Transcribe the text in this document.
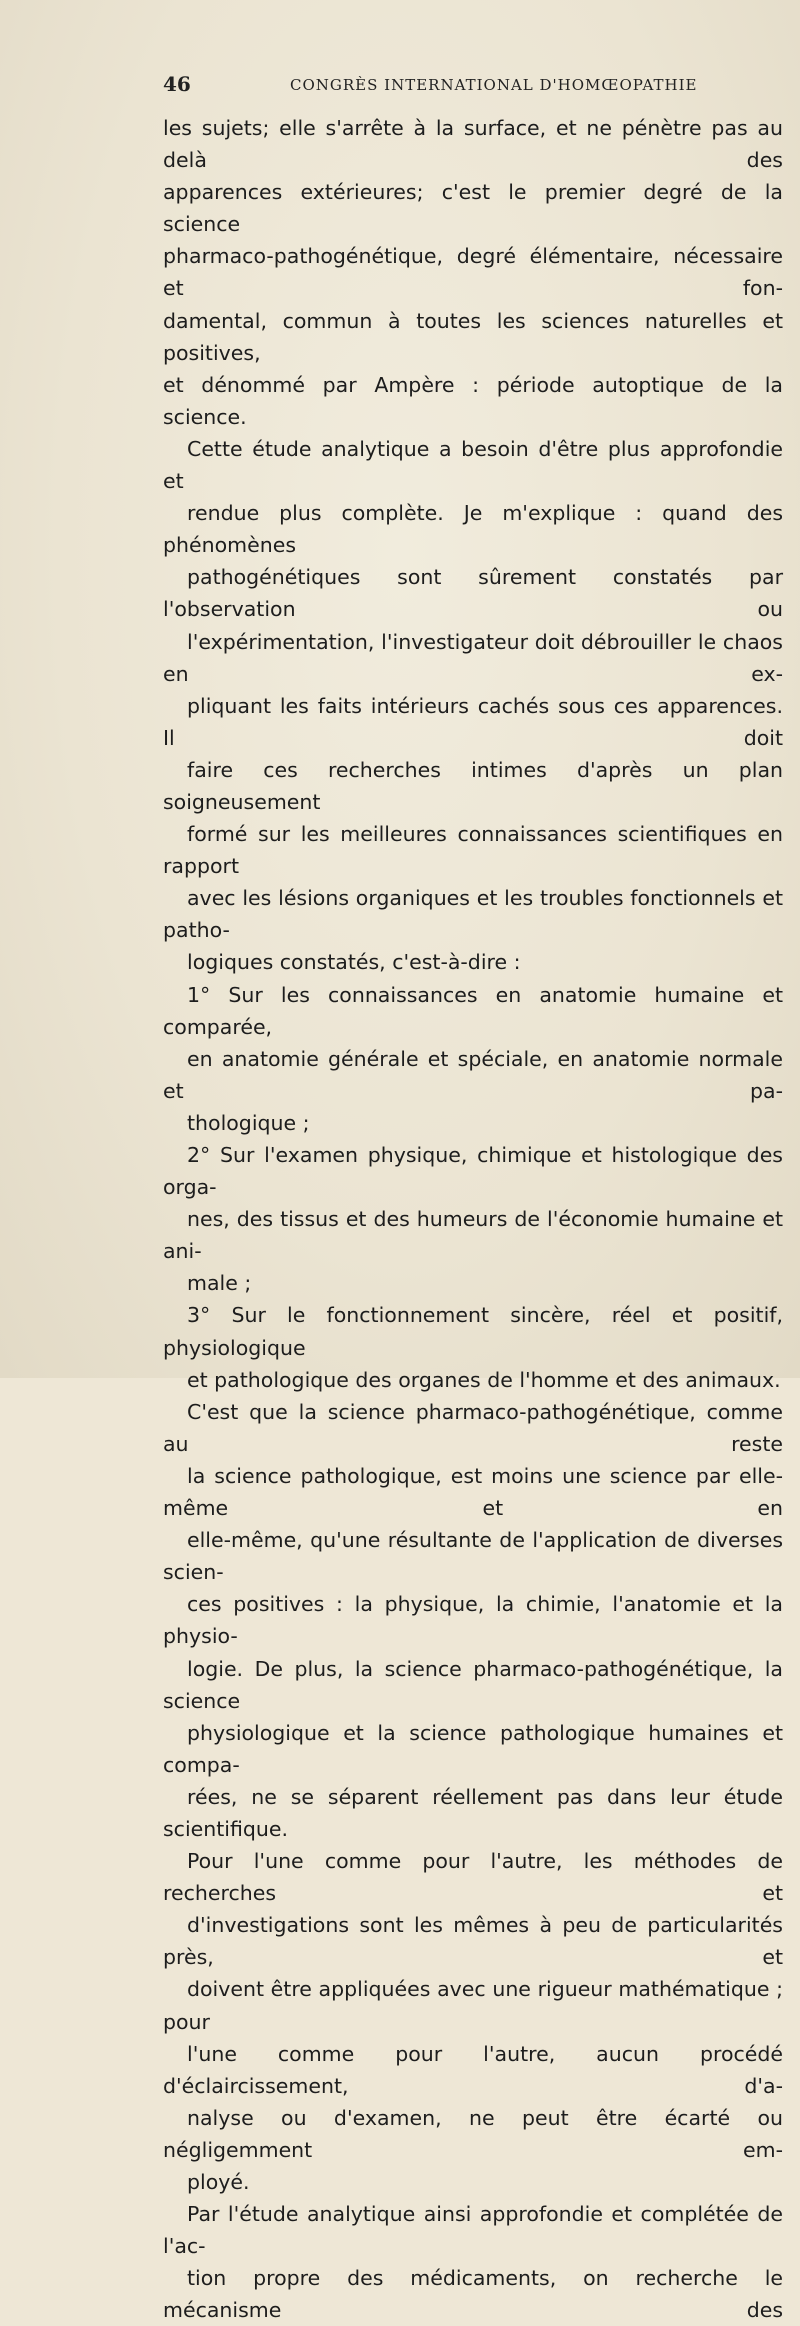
46	CONGRÈS INTERNATIONAL D'HOMŒOPATHIE

les sujets; elle s'arrête à la surface, et ne pénètre pas au delà des
apparences extérieures; c'est le premier degré de la science
pharmaco-pathogénétique, degré élémentaire, nécessaire et fon-
damental, commun à toutes les sciences naturelles et positives,
et dénommé par Ampère : période autoptique de la science.

Cette étude analytique a besoin d'être plus approfondie et
rendue plus complète. Je m'explique : quand des phénomènes
pathogénétiques sont sûrement constatés par l'observation ou
l'expérimentation, l'investigateur doit débrouiller le chaos en ex-
pliquant les faits intérieurs cachés sous ces apparences. Il doit
faire ces recherches intimes d'après un plan soigneusement
formé sur les meilleures connaissances scientifiques en rapport
avec les lésions organiques et les troubles fonctionnels et patho-
logiques constatés, c'est-à-dire :

1° Sur les connaissances en anatomie humaine et comparée,
en anatomie générale et spéciale, en anatomie normale et pa-
thologique ;

2° Sur l'examen physique, chimique et histologique des orga-
nes, des tissus et des humeurs de l'économie humaine et ani-
male ;

3° Sur le fonctionnement sincère, réel et positif, physiologique
et pathologique des organes de l'homme et des animaux.

C'est que la science pharmaco-pathogénétique, comme au reste
la science pathologique, est moins une science par elle-même et en
elle-même, qu'une résultante de l'application de diverses scien-
ces positives : la physique, la chimie, l'anatomie et la physio-
logie. De plus, la science pharmaco-pathogénétique, la science
physiologique et la science pathologique humaines et compa-
rées, ne se séparent réellement pas dans leur étude scientifique.
Pour l'une comme pour l'autre, les méthodes de recherches et
d'investigations sont les mêmes à peu de particularités près, et
doivent être appliquées avec une rigueur mathématique ; pour
l'une comme pour l'autre, aucun procédé d'éclaircissement, d'a-
nalyse ou d'examen, ne peut être écarté ou négligemment em-
ployé.

Par l'étude analytique ainsi approfondie et complétée de l'ac-
tion propre des médicaments, on recherche le mécanisme des
